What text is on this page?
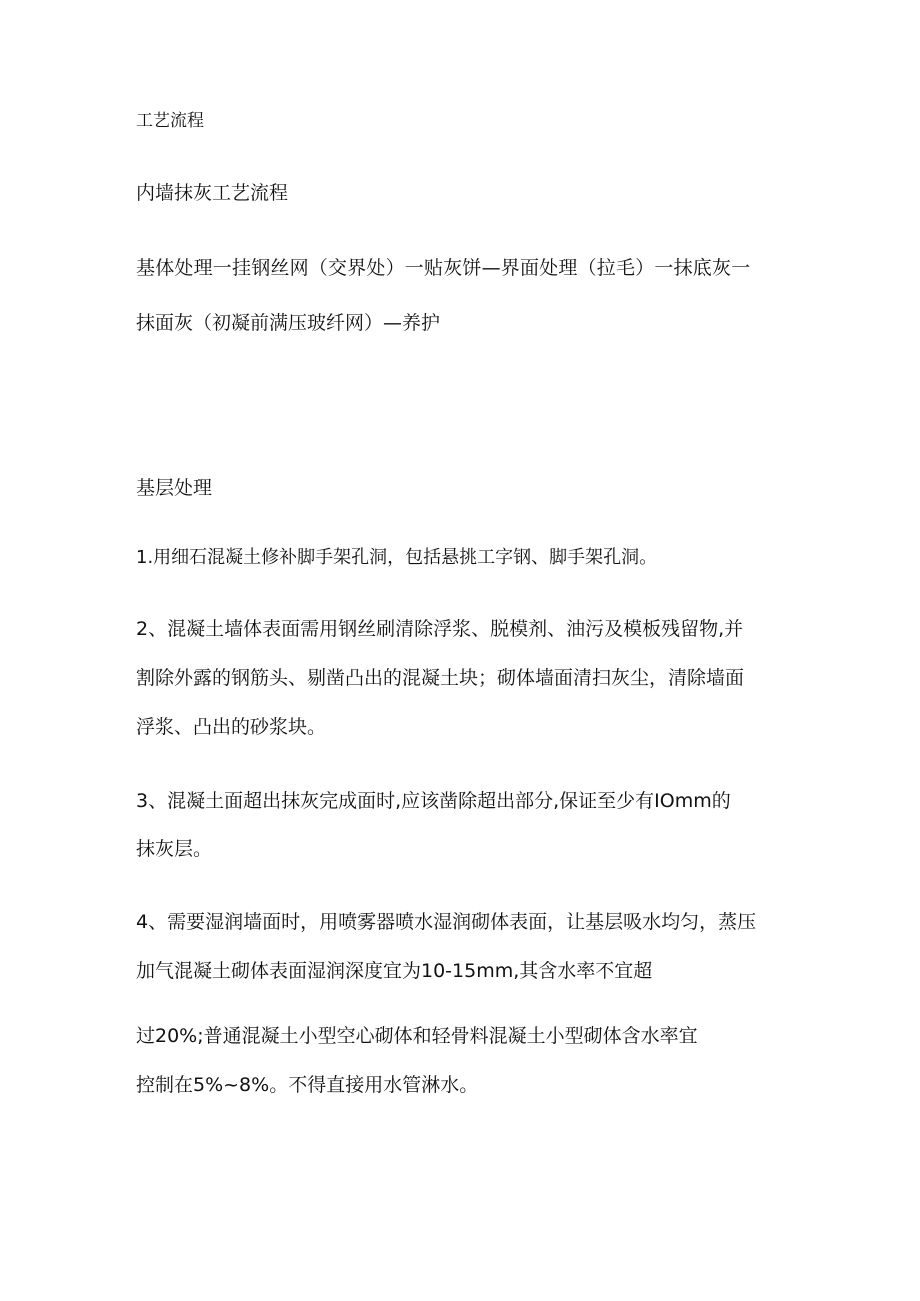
工艺流程
内墙抹灰工艺流程
基体处理一挂钢丝网（交界处）一贴灰饼—界面处理（拉毛）一抹底灰一
抹面灰（初凝前满压玻纤网）—养护
基层处理
1.用细石混凝土修补脚手架孔洞，包括悬挑工字钢、脚手架孔洞。
2、混凝土墙体表面需用钢丝刷清除浮浆、脱模剂、油污及模板残留物,并
割除外露的钢筋头、剔凿凸出的混凝土块；砌体墙面清扫灰尘，清除墙面
浮浆、凸出的砂浆块。
3、混凝土面超出抹灰完成面时,应该凿除超出部分,保证至少有IOmm的
抹灰层。
4、需要湿润墙面时，用喷雾器喷水湿润砌体表面，让基层吸水均匀，蒸压
加气混凝土砌体表面湿润深度宜为10-15mm,其含水率不宜超
过20%;普通混凝土小型空心砌体和轻骨料混凝土小型砌体含水率宜
控制在5%~8%。不得直接用水管淋水。
